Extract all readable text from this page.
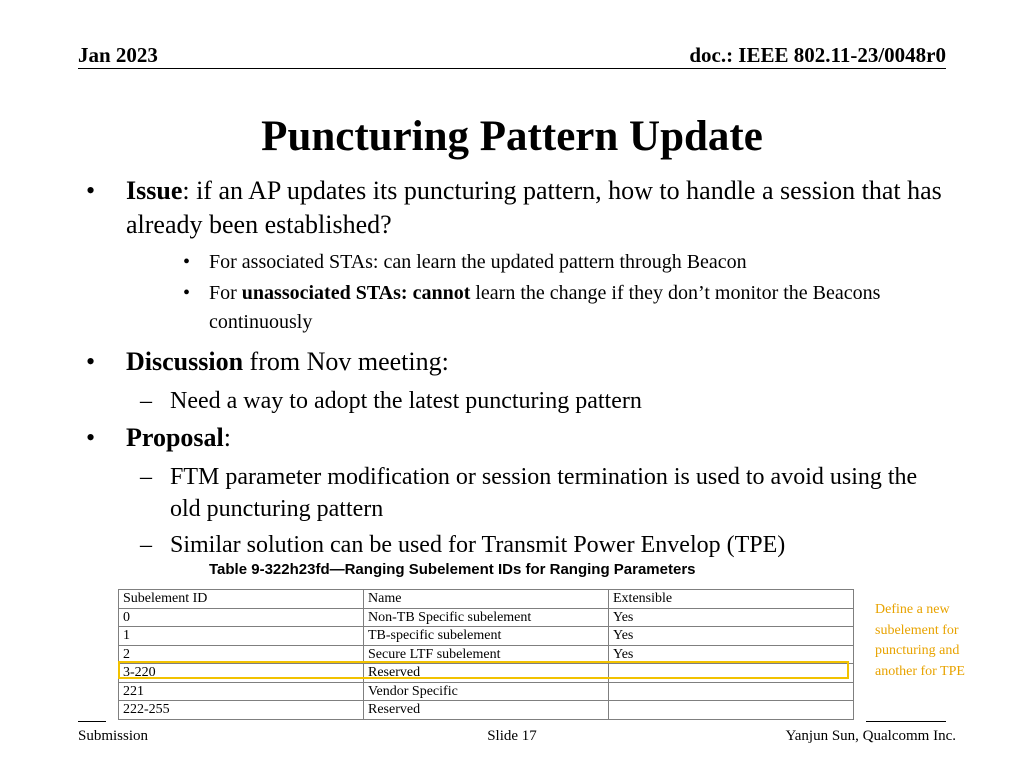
Jan 2023	doc.: IEEE 802.11-23/0048r0
Puncturing Pattern Update
• Issue: if an AP updates its puncturing pattern, how to handle a session that has already been established?
• For associated STAs: can learn the updated pattern through Beacon
• For unassociated STAs: cannot learn the change if they don’t monitor the Beacons continuously
• Discussion from Nov meeting:
– Need a way to adopt the latest puncturing pattern
• Proposal:
– FTM parameter modification or session termination is used to avoid using the old puncturing pattern
– Similar solution can be used for Transmit Power Envelop (TPE)
Table 9-322h23fd—Ranging Subelement IDs for Ranging Parameters
Subelement ID	Name	Extensible
0	Non-TB Specific subelement	Yes
1	TB-specific subelement	Yes
2	Secure LTF subelement	Yes
3-220	Reserved	
221	Vendor Specific	
222-255	Reserved	
Define a new subelement for puncturing and another for TPE
Submission	Slide 17	Yanjun Sun, Qualcomm Inc.
